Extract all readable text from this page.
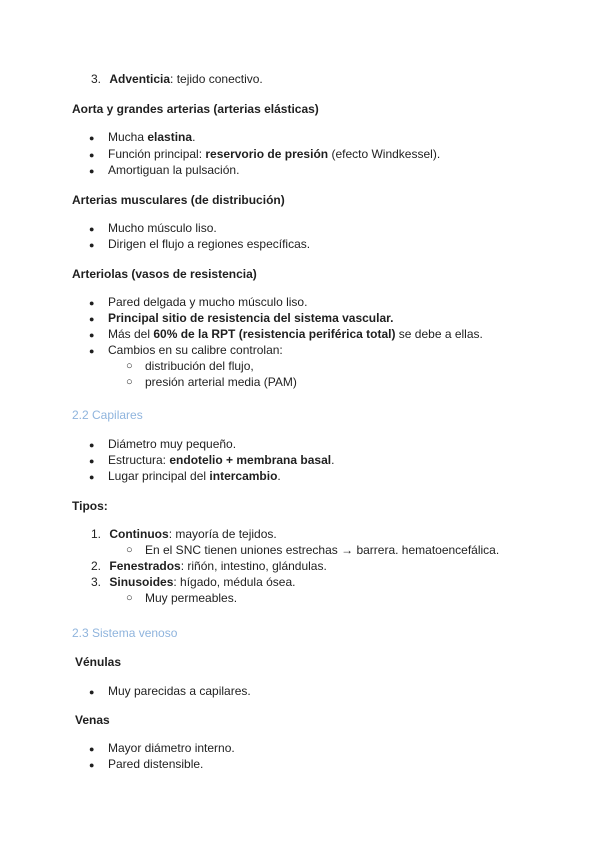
3. Adventicia: tejido conectivo.
Aorta y grandes arterias (arterias elásticas)
● Mucha elastina.
● Función principal: reservorio de presión (efecto Windkessel).
● Amortiguan la pulsación.
Arterias musculares (de distribución)
● Mucho músculo liso.
● Dirigen el flujo a regiones específicas.
Arteriolas (vasos de resistencia)
● Pared delgada y mucho músculo liso.
● Principal sitio de resistencia del sistema vascular.
● Más del 60% de la RPT (resistencia periférica total) se debe a ellas.
● Cambios en su calibre controlan:
○ distribución del flujo,
○ presión arterial media (PAM)
2.2 Capilares
● Diámetro muy pequeño.
● Estructura: endotelio + membrana basal.
● Lugar principal del intercambio.
Tipos:
1. Continuos: mayoría de tejidos.
○ En el SNC tienen uniones estrechas → barrera. hematoencefálica.
2. Fenestrados: riñón, intestino, glándulas.
3. Sinusoides: hígado, médula ósea.
○ Muy permeables.
2.3 Sistema venoso
Vénulas
● Muy parecidas a capilares.
Venas
● Mayor diámetro interno.
● Pared distensible.
